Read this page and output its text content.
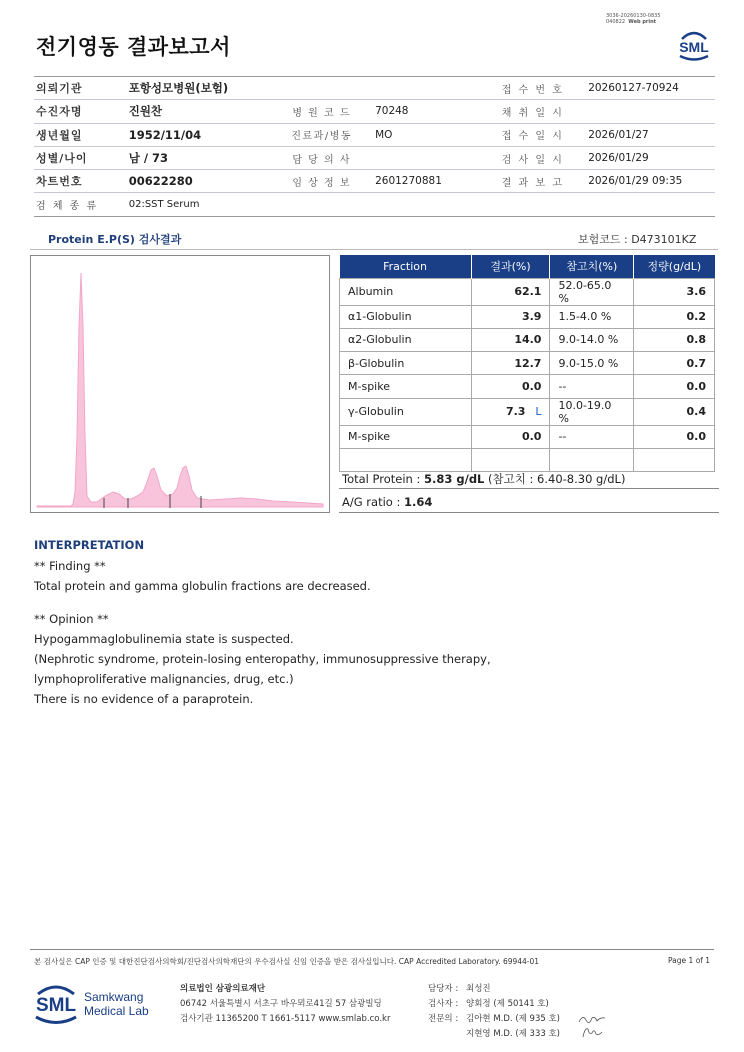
3036-20260130-0835
040822 Web print
전기영동 결과보고서	SML
의뢰기관	포항성모병원(보험)			접 수 번 호	20260127-70924
수진자명	진원찬	병 원 코 드	70248	채 취 일 시	
생년월일	1952/11/04	진료과/병동	MO	접 수 일 시	2026/01/27
성별/나이	남 / 73	담 당 의 사		검 사 일 시	2026/01/29
차트번호	00622280	임 상 정 보	2601270881	결 과 보 고	2026/01/29 09:35
검 체 종 류	02:SST Serum				
Protein E.P(S) 검사결과	보험코드 : D473101KZ
Fraction	결과(%)	참고치(%)	정량(g/dL)
Albumin	62.1	52.0-65.0 %	3.6
α1-Globulin	3.9	1.5-4.0 %	0.2
α2-Globulin	14.0	9.0-14.0 %	0.8
β-Globulin	12.7	9.0-15.0 %	0.7
M-spike	0.0	--	0.0
γ-Globulin	7.3 L	10.0-19.0 %	0.4
M-spike	0.0	--	0.0

Total Protein : 5.83 g/dL (참고치 : 6.40-8.30 g/dL)
A/G ratio : 1.64
INTERPRETATION
** Finding **
Total protein and gamma globulin fractions are decreased.
** Opinion **
Hypogammaglobulinemia state is suspected.
(Nephrotic syndrome, protein-losing enteropathy, immunosuppressive therapy,
lymphoproliferative malignancies, drug, etc.)
There is no evidence of a paraprotein.
본 검사실은 CAP 인증 및 대한진단검사의학회/진단검사의학재단의 우수검사실 신임 인증을 받은 검사실입니다. CAP Accredited Laboratory. 69944-01	Page 1 of 1
SML Samkwang
Medical Lab
의료법인 삼광의료재단
06742 서울특별시 서초구 바우뫼로41길 57 삼광빌딩
검사기관 11365200 T 1661-5117 www.smlab.co.kr
담당자 : 최성진
검사자 : 양회정 (제 50141 호)
전문의 : 김아현 M.D. (제 935 호)
지현영 M.D. (제 333 호)
